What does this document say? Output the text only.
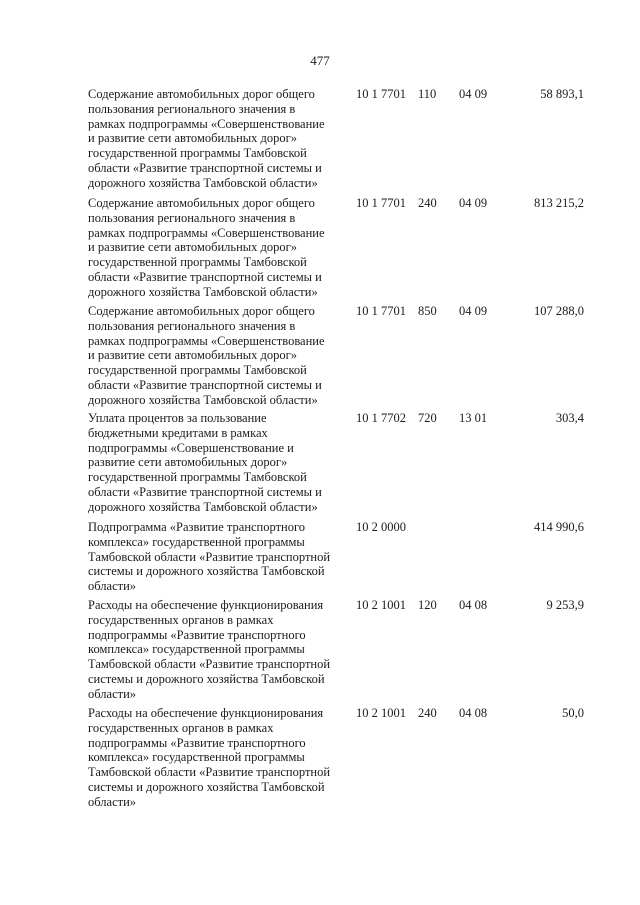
477
Содержание автомобильных дорог общего
пользования регионального значения в
рамках подпрограммы «Совершенствование
и развитие сети автомобильных дорог»
государственной программы Тамбовской
области «Развитие транспортной системы и
дорожного хозяйства Тамбовской области»
10 1 7701 110 04 09	58 893,1
Содержание автомобильных дорог общего
пользования регионального значения в
рамках подпрограммы «Совершенствование
и развитие сети автомобильных дорог»
государственной программы Тамбовской
области «Развитие транспортной системы и
дорожного хозяйства Тамбовской области»
10 1 7701 240 04 09	813 215,2
Содержание автомобильных дорог общего
пользования регионального значения в
рамках подпрограммы «Совершенствование
и развитие сети автомобильных дорог»
государственной программы Тамбовской
области «Развитие транспортной системы и
дорожного хозяйства Тамбовской области»
10 1 7701 850 04 09	107 288,0
Уплата процентов за пользование
бюджетными кредитами в рамках
подпрограммы «Совершенствование и
развитие сети автомобильных дорог»
государственной программы Тамбовской
области «Развитие транспортной системы и
дорожного хозяйства Тамбовской области»
10 1 7702 720 13 01	303,4
Подпрограмма «Развитие транспортного
комплекса» государственной программы
Тамбовской области «Развитие транспортной
системы и дорожного хозяйства Тамбовской
области»
10 2 0000	414 990,6
Расходы на обеспечение функционирования
государственных органов в рамках
подпрограммы «Развитие транспортного
комплекса» государственной программы
Тамбовской области «Развитие транспортной
системы и дорожного хозяйства Тамбовской
области»
10 2 1001 120 04 08	9 253,9
Расходы на обеспечение функционирования
государственных органов в рамках
подпрограммы «Развитие транспортного
комплекса» государственной программы
Тамбовской области «Развитие транспортной
системы и дорожного хозяйства Тамбовской
области»
10 2 1001 240 04 08	50,0
